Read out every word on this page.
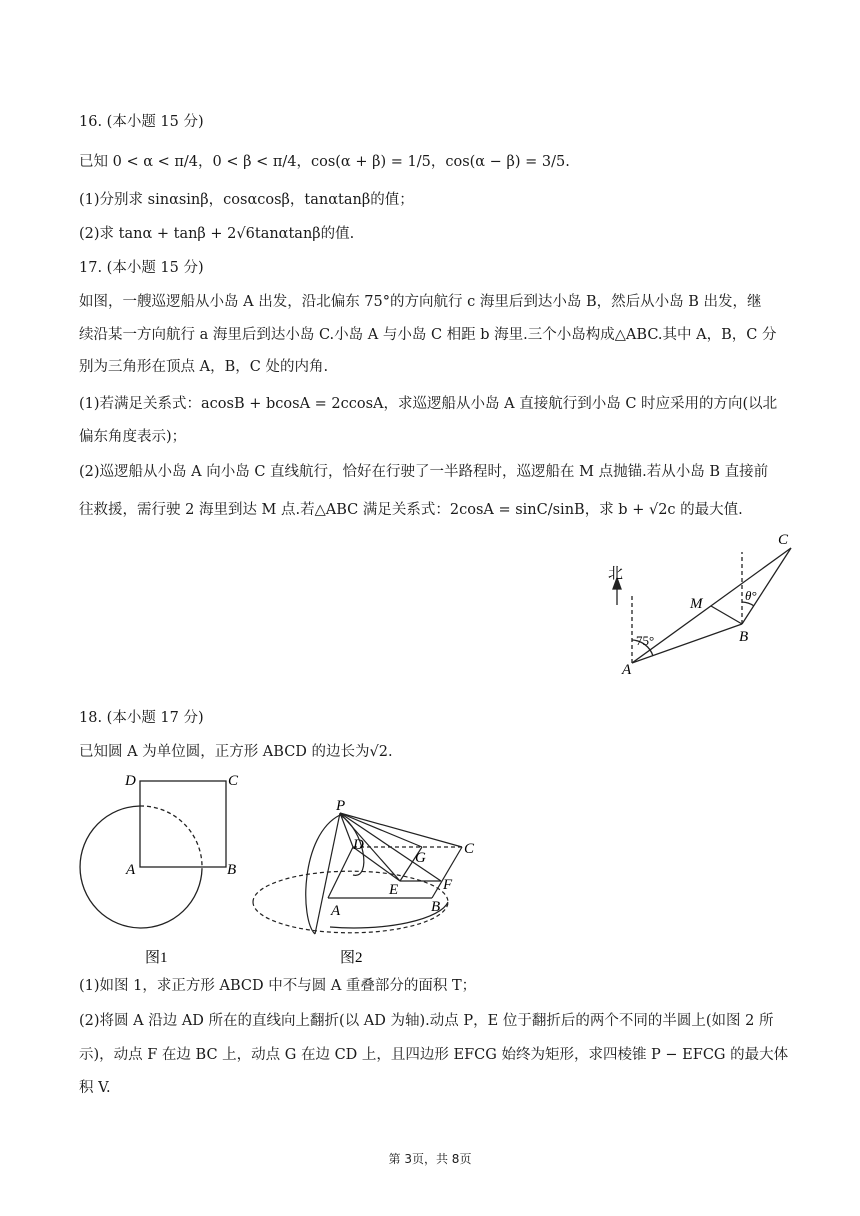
16. (本小题 15 分)
已知 0 < α < π/4，0 < β < π/4，cos(α + β) = 1/5，cos(α − β) = 3/5.
(1)分别求 sinαsinβ，cosαcosβ，tanαtanβ的值；
(2)求 tanα + tanβ + 2√6tanαtanβ的值.
17. (本小题 15 分)
如图，一艘巡逻船从小岛 A 出发，沿北偏东 75°的方向航行 c 海里后到达小岛 B，然后从小岛 B 出发，继
续沿某一方向航行 a 海里后到达小岛 C.小岛 A 与小岛 C 相距 b 海里.三个小岛构成△ABC.其中 A，B，C 分
别为三角形在顶点 A，B，C 处的内角.
(1)若满足关系式：acosB + bcosA = 2ccosA，求巡逻船从小岛 A 直接航行到小岛 C 时应采用的方向(以北
偏东角度表示)；
(2)巡逻船从小岛 A 向小岛 C 直线航行，恰好在行驶了一半路程时，巡逻船在 M 点抛锚.若从小岛 B 直接前
往救援，需行驶 2 海里到达 M 点.若△ABC 满足关系式：2cosA = sinC/sinB，求 b + √2c 的最大值.
北
A
B
C
M
75°
θ°
18. (本小题 17 分)
已知圆 A 为单位圆，正方形 ABCD 的边长为√2.
D	C
A	B
图1
P
C
D
G
E	F
A	B
图2
(1)如图 1，求正方形 ABCD 中不与圆 A 重叠部分的面积 T；
(2)将圆 A 沿边 AD 所在的直线向上翻折(以 AD 为轴).动点 P，E 位于翻折后的两个不同的半圆上(如图 2 所
示)，动点 F 在边 BC 上，动点 G 在边 CD 上，且四边形 EFCG 始终为矩形，求四棱锥 P − EFCG 的最大体
积 V.
第 3页，共 8页
